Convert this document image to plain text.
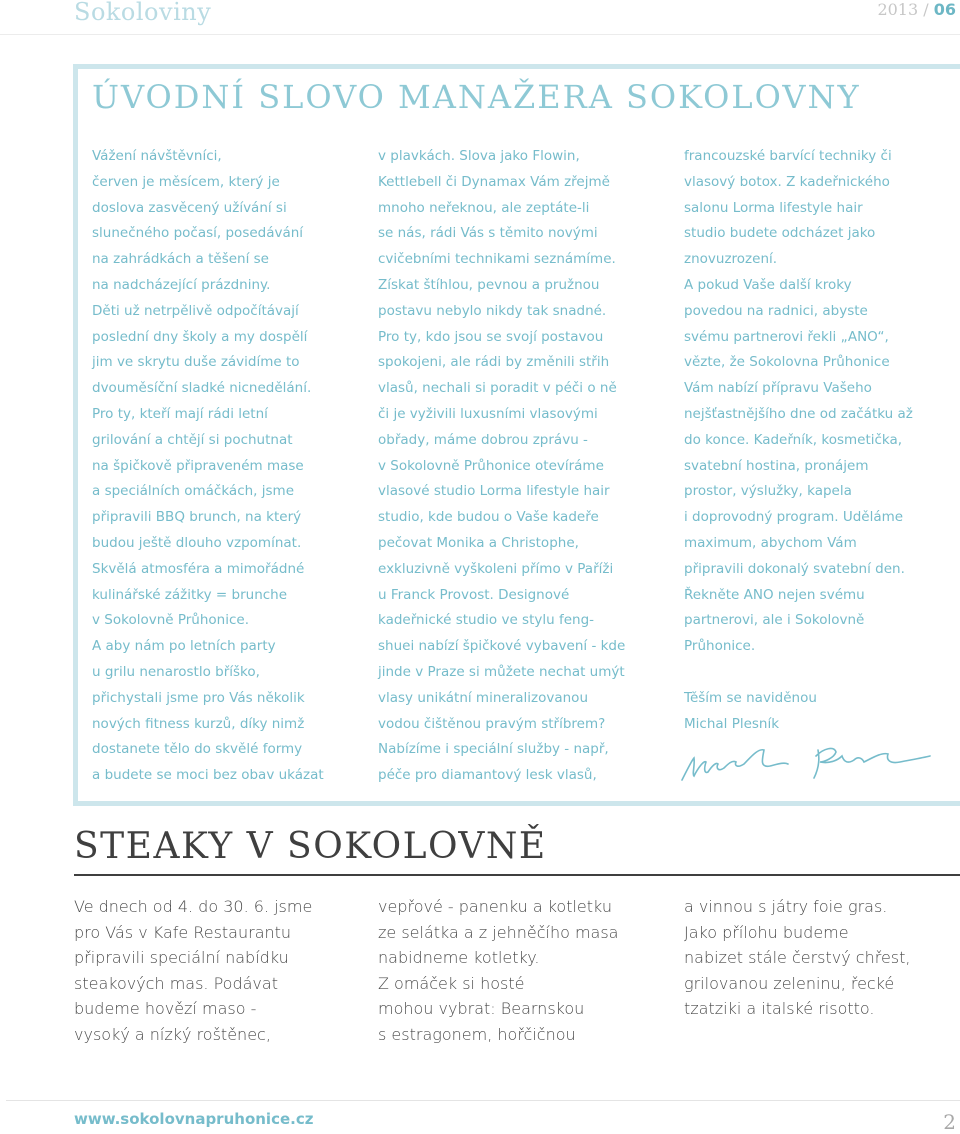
Sokoloviny	2013 / 06
ÚVODNÍ SLOVO MANAŽERA SOKOLOVNY
Vážení návštěvníci,
červen je měsícem, který je
doslova zasvěcený užívání si
slunečného počasí, posedávání
na zahrádkách a těšení se
na nadcházející prázdniny.
Děti už netrpělivě odpočítávají
poslední dny školy a my dospělí
jim ve skrytu duše závidíme to
dvouměsíční sladké nicnedělání.
Pro ty, kteří mají rádi letní
grilování a chtějí si pochutnat
na špičkově připraveném mase
a speciálních omáčkách, jsme
připravili BBQ brunch, na který
budou ještě dlouho vzpomínat.
Skvělá atmosféra a mimořádné
kulinářské zážitky = brunche
v Sokolovně Průhonice.
A aby nám po letních party
u grilu nenarostlo bříško,
přichystali jsme pro Vás několik
nových fitness kurzů, díky nimž
dostanete tělo do skvělé formy
a budete se moci bez obav ukázat
v plavkách. Slova jako Flowin,
Kettlebell či Dynamax Vám zřejmě
mnoho neřeknou, ale zeptáte-li
se nás, rádi Vás s těmito novými
cvičebními technikami seznámíme.
Získat štíhlou, pevnou a pružnou
postavu nebylo nikdy tak snadné.
Pro ty, kdo jsou se svojí postavou
spokojeni, ale rádi by změnili střih
vlasů, nechali si poradit v péči o ně
či je vyživili luxusními vlasovými
obřady, máme dobrou zprávu -
v Sokolovně Průhonice otevíráme
vlasové studio Lorma lifestyle hair
studio, kde budou o Vaše kadeře
pečovat Monika a Christophe,
exkluzivně vyškoleni přímo v Paříži
u Franck Provost. Designové
kadeřnické studio ve stylu feng-
shuei nabízí špičkové vybavení - kde
jinde v Praze si můžete nechat umýt
vlasy unikátní mineralizovanou
vodou čištěnou pravým stříbrem?
Nabízíme i speciální služby - např,
péče pro diamantový lesk vlasů,
francouzské barvící techniky či
vlasový botox. Z kadeřnického
salonu Lorma lifestyle hair
studio budete odcházet jako
znovuzrození.
A pokud Vaše další kroky
povedou na radnici, abyste
svému partnerovi řekli „ANO“,
vězte, že Sokolovna Průhonice
Vám nabízí přípravu Vašeho
nejšťastnějšího dne od začátku až
do konce. Kadeřník, kosmetička,
svatební hostina, pronájem
prostor, výslužky, kapela
i doprovodný program. Uděláme
maximum, abychom Vám
připravili dokonalý svatební den.
Řekněte ANO nejen svému
partnerovi, ale i Sokolovně
Průhonice.
Těším se naviděnou
Michal Plesník
STEAKY V SOKOLOVNĚ
Ve dnech od 4. do 30. 6. jsme
pro Vás v Kafe Restaurantu
připravili speciální nabídku
steakových mas. Podávat
budeme hovězí maso -
vysoký a nízký roštěnec,
vepřové - panenku a kotletku
ze selátka a z jehněčího masa
nabidneme kotletky.
Z omáček si hosté
mohou vybrat: Bearnskou
s estragonem, hořčičnou
a vinnou s játry foie gras.
Jako přílohu budeme
nabizet stále čerstvý chřest,
grilovanou zeleninu, řecké
tzatziki a italské risotto.
www.sokolovnapruhonice.cz	2
